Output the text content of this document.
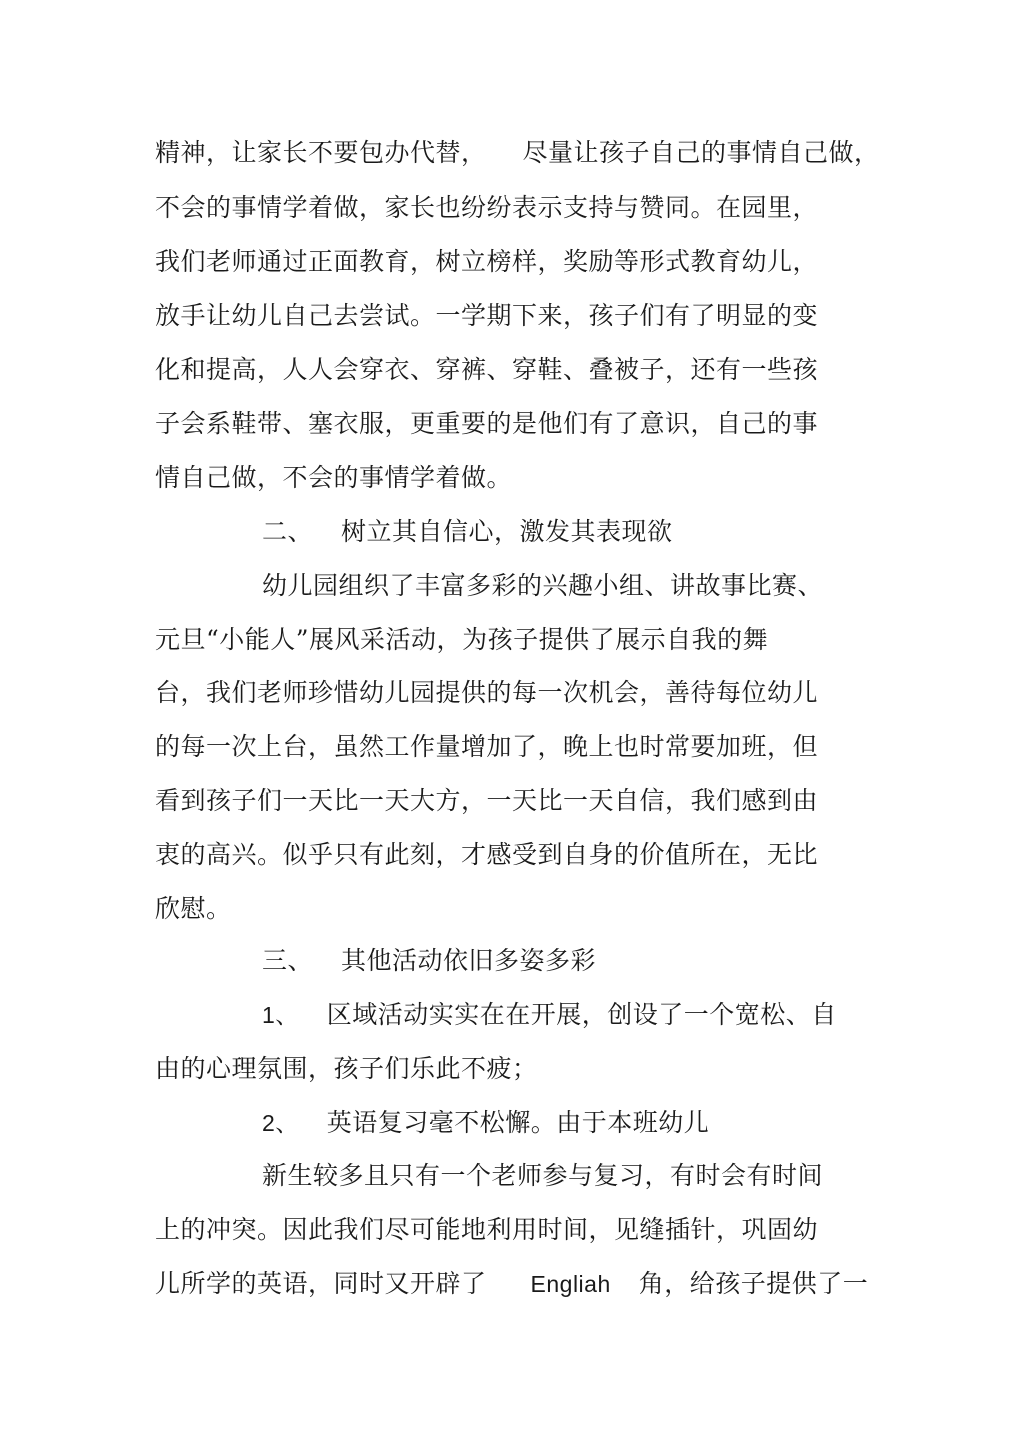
精神，让家长不要包办代替， 尽量让孩子自己的事情自己做，
不会的事情学着做，家长也纷纷表示支持与赞同。在园里，
我们老师通过正面教育，树立榜样，奖励等形式教育幼儿，
放手让幼儿自己去尝试。一学期下来，孩子们有了明显的变
化和提高，人人会穿衣、穿裤、穿鞋、叠被子，还有一些孩
子会系鞋带、塞衣服，更重要的是他们有了意识，自己的事
情自己做，不会的事情学着做。
二、 树立其自信心，激发其表现欲
幼儿园组织了丰富多彩的兴趣小组、讲故事比赛、
元旦“小能人”展风采活动，为孩子提供了展示自我的舞
台，我们老师珍惜幼儿园提供的每一次机会，善待每位幼儿
的每一次上台，虽然工作量增加了，晚上也时常要加班，但
看到孩子们一天比一天大方，一天比一天自信，我们感到由
衷的高兴。似乎只有此刻，才感受到自身的价值所在，无比
欣慰。
三、 其他活动依旧多姿多彩
1、 区域活动实实在在开展，创设了一个宽松、自
由的心理氛围，孩子们乐此不疲；
2、 英语复习毫不松懈。由于本班幼儿
新生较多且只有一个老师参与复习，有时会有时间
上的冲突。因此我们尽可能地利用时间，见缝插针，巩固幼
儿所学的英语，同时又开辟了 Engliah 角，给孩子提供了一
